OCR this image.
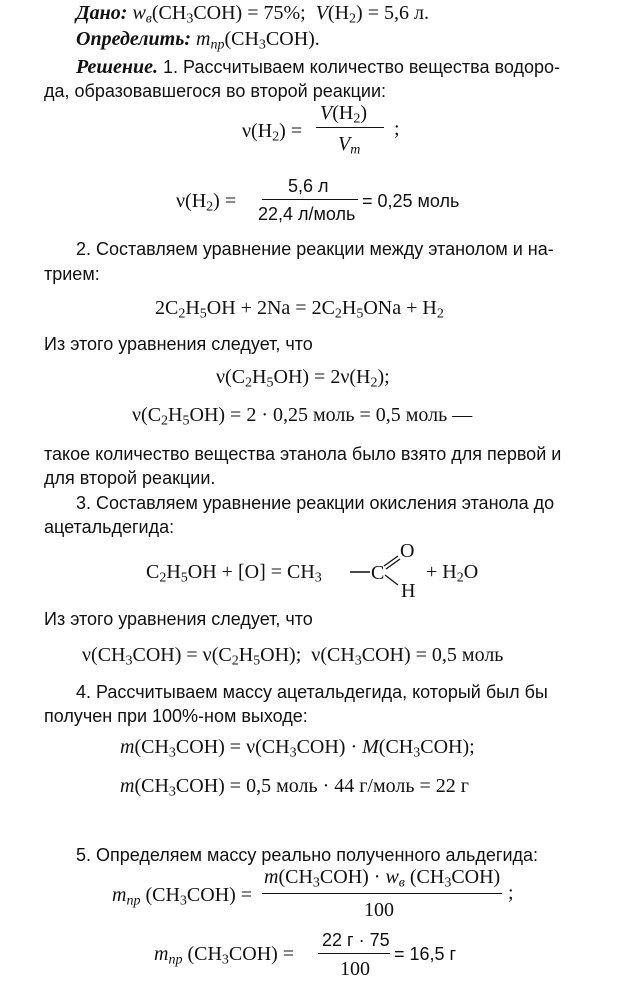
Дано: $w_в(CH_3COH) = 75\%$;  $V(H_2) = 5,6$ л.
Определить: $m_{пр}(CH_3COH)$.
Решение. 1. Рассчитываем количество вещества водоро-
да, образовавшегося во второй реакции:
$\nu(H_2)$ =
$V(H_2)$
$V_m$
;
$\nu(H_2)$ =
5,6 л
22,4 л/моль
= 0,25 моль
2. Составляем уравнение реакции между этанолом и на-
трием:
$2C_2H_5OH + 2Na = 2C_2H_5ONa + H_2$
Из этого уравнения следует, что
$\nu(C_2H_5OH) = 2\nu(H_2)$;
$\nu(C_2H_5OH) = 2 \cdot 0,25$ моль = 0,5 моль —
такое количество вещества этанола было взято для первой и
для второй реакции.
3. Составляем уравнение реакции окисления этанола до
ацетальдегида:
$C_2H_5OH + [O] = CH_3$ C
O
H
+ $H_2O$
Из этого уравнения следует, что
$\nu(CH_3COH) = \nu(C_2H_5OH)$;  $\nu(CH_3COH) = 0,5$ моль
4. Рассчитываем массу ацетальдегида, который был бы
получен при 100%-ном выходе:
$m(CH_3COH) = \nu(CH_3COH) \cdot M(CH_3COH)$;
$m(CH_3COH) = 0,5$ моль · 44 г/моль = 22 г
5. Определяем массу реально полученного альдегида:
$m_{пр}$ $(CH_3COH)$ =
$m(CH_3COH) \cdot w_в$ $(CH_3COH)$
100
;
$m_{пр}$ $(CH_3COH)$ =
22 г · 75
100
= 16,5 г
